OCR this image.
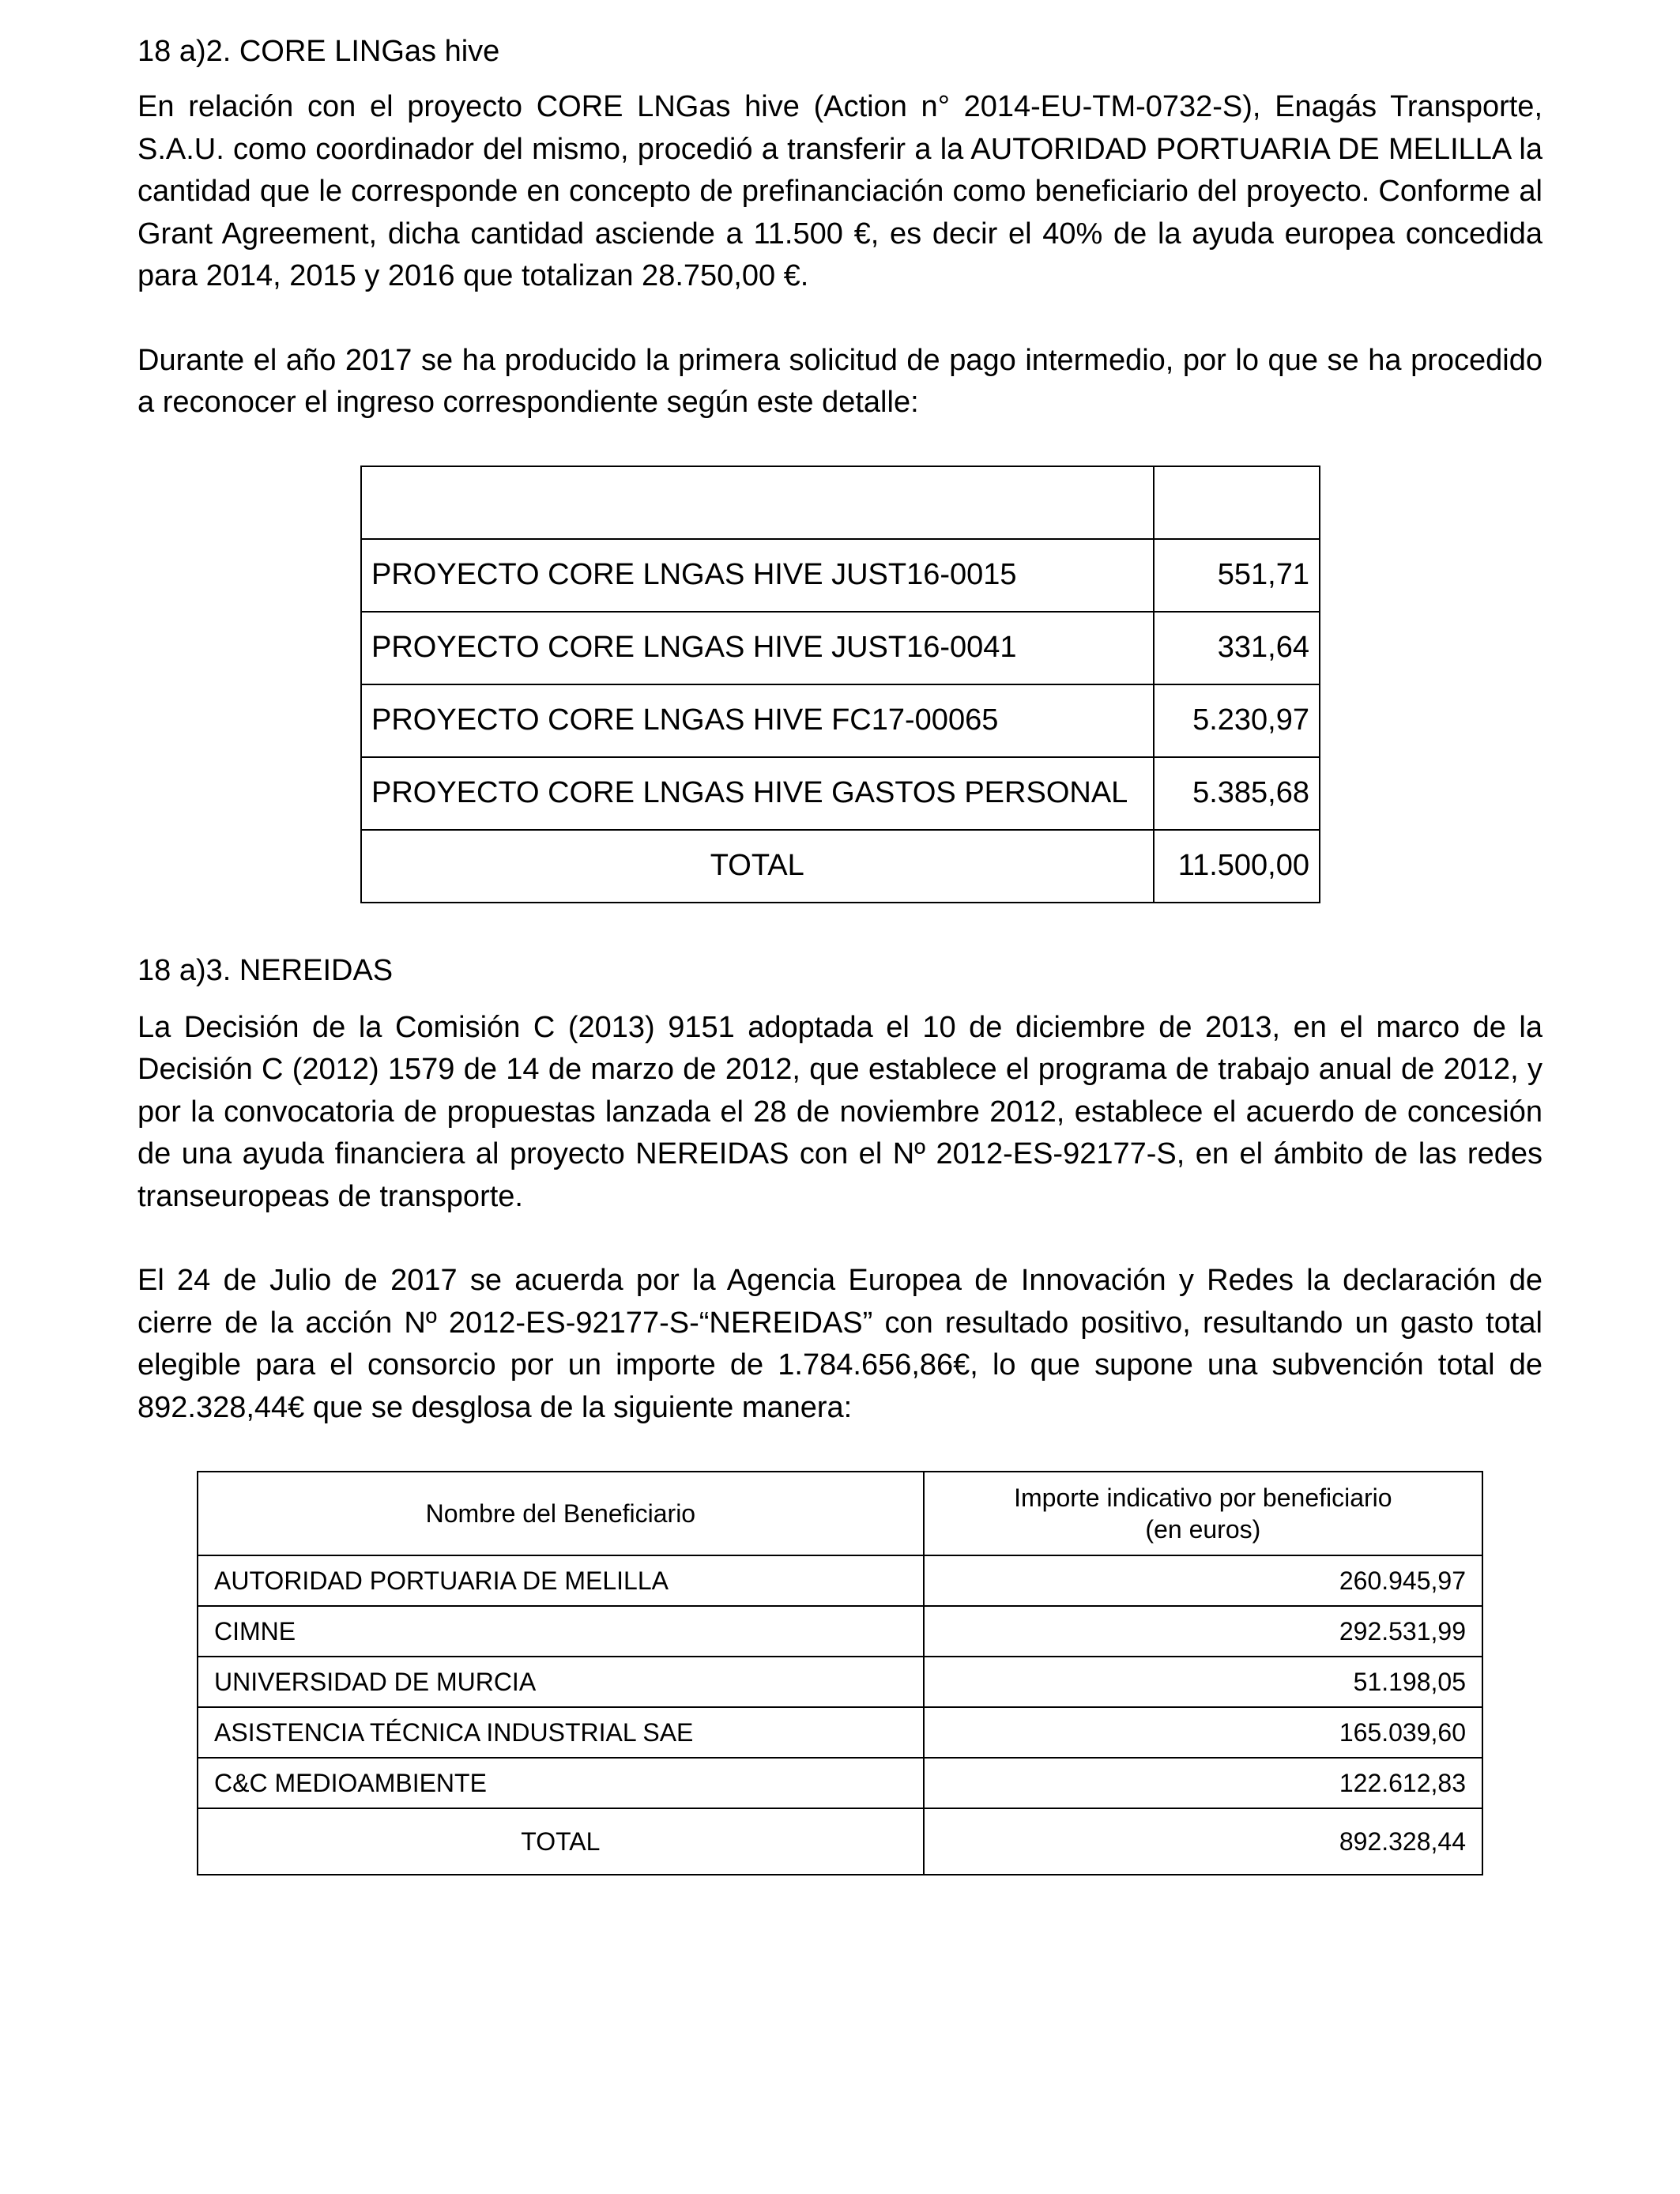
18 a)2. CORE LINGas hive

En relación con el proyecto CORE LNGas hive (Action n° 2014-EU-TM-0732-S), Enagás Transporte, S.A.U. como coordinador del mismo, procedió a transferir a la AUTORIDAD PORTUARIA DE MELILLA la cantidad que le corresponde en concepto de prefinanciación como beneficiario del proyecto. Conforme al Grant Agreement, dicha cantidad asciende a 11.500 €, es decir el 40% de la ayuda europea concedida para 2014, 2015 y 2016 que totalizan 28.750,00 €.

Durante el año 2017 se ha producido la primera solicitud de pago intermedio, por lo que se ha procedido a reconocer el ingreso correspondiente según este detalle:

PROYECTO CORE LNGAS HIVE JUST16-0015	551,71
PROYECTO CORE LNGAS HIVE JUST16-0041	331,64
PROYECTO CORE LNGAS HIVE FC17-00065	5.230,97
PROYECTO CORE LNGAS HIVE GASTOS PERSONAL	5.385,68
TOTAL	11.500,00

18 a)3. NEREIDAS

La Decisión de la Comisión C (2013) 9151 adoptada el 10 de diciembre de 2013, en el marco de la Decisión C (2012) 1579 de 14 de marzo de 2012, que establece el programa de trabajo anual de 2012, y por la convocatoria de propuestas lanzada el 28 de noviembre 2012, establece el acuerdo de concesión de una ayuda financiera al proyecto NEREIDAS con el Nº 2012-ES-92177-S, en el ámbito de las redes transeuropeas de transporte.

El 24 de Julio de 2017 se acuerda por la Agencia Europea de Innovación y Redes la declaración de cierre de la acción Nº 2012-ES-92177-S-“NEREIDAS” con resultado positivo, resultando un gasto total elegible para el consorcio por un importe de 1.784.656,86€, lo que supone una subvención total de 892.328,44€ que se desglosa de la siguiente manera:

Nombre del Beneficiario	Importe indicativo por beneficiario
(en euros)
AUTORIDAD PORTUARIA DE MELILLA	260.945,97
CIMNE	292.531,99
UNIVERSIDAD DE MURCIA	51.198,05
ASISTENCIA TÉCNICA INDUSTRIAL SAE	165.039,60
C&C MEDIOAMBIENTE	122.612,83
TOTAL	892.328,44
